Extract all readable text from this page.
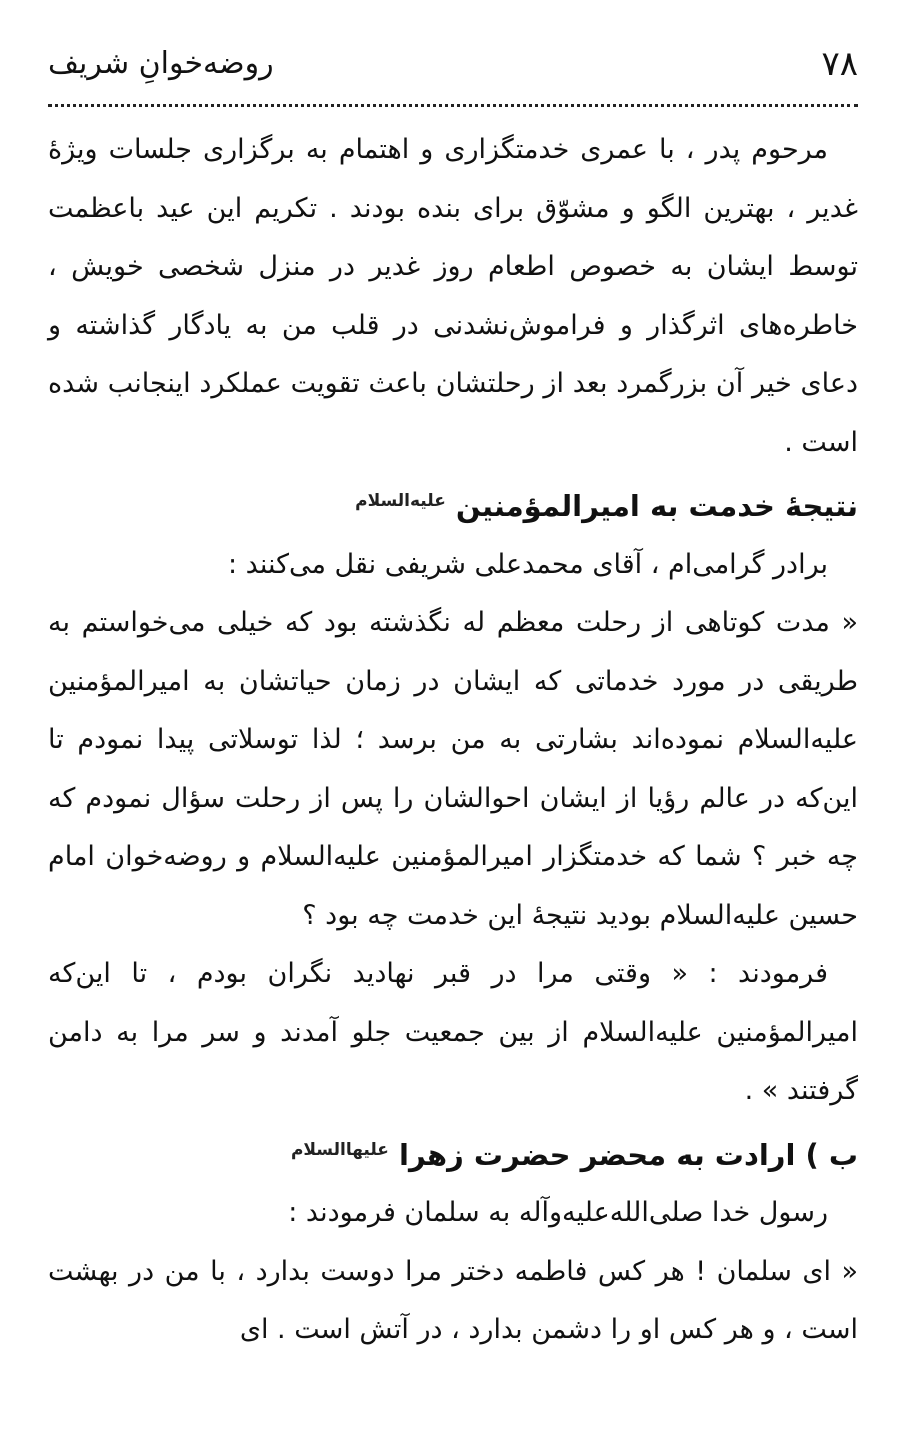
۷۸
روضه‌خوانِ شریف

مرحوم پدر ، با عمری خدمتگزاری و اهتمام به برگزاری جلسات ویژۀ غدیر ، بهترین الگو و مشوّق برای بنده بودند . تکریم این عید باعظمت توسط ایشان به خصوص اطعام روز غدیر در منزل شخصی خویش ، خاطره‌های اثرگذار و فراموش‌نشدنی در قلب من به یادگار گذاشته و دعای خیر آن بزرگمرد بعد از رحلتشان باعث تقویت عملکرد اینجانب شده است .

نتیجۀ خدمت به امیرالمؤمنین $^{علیه‌السلام}$

برادر گرامی‌ام ، آقای محمدعلی شریفی نقل می‌کنند :

« مدت کوتاهی از رحلت معظم له نگذشته بود که خیلی می‌خواستم به طریقی در مورد خدماتی که ایشان در زمان حیاتشان به امیرالمؤمنین علیه‌السلام نموده‌اند بشارتی به من برسد ؛ لذا توسلاتی پیدا نمودم تا این‌که در عالم رؤیا از ایشان احوالشان را پس از رحلت سؤال نمودم که چه خبر ؟ شما که خدمتگزار امیرالمؤمنین علیه‌السلام و روضه‌خوان امام حسین علیه‌السلام بودید نتیجۀ این خدمت چه بود ؟

فرمودند : « وقتی مرا در قبر نهادید نگران بودم ، تا این‌که امیرالمؤمنین علیه‌السلام از بین جمعیت جلو آمدند و سر مرا به دامن گرفتند » .

ب ) ارادت به محضر حضرت زهرا $^{علیهاالسلام}$

رسول خدا صلی‌الله‌علیه‌وآله به سلمان فرمودند :

« ای سلمان ! هر کس فاطمه دختر مرا دوست بدارد ، با من در بهشت است ، و هر کس او را دشمن بدارد ، در آتش است . ای
